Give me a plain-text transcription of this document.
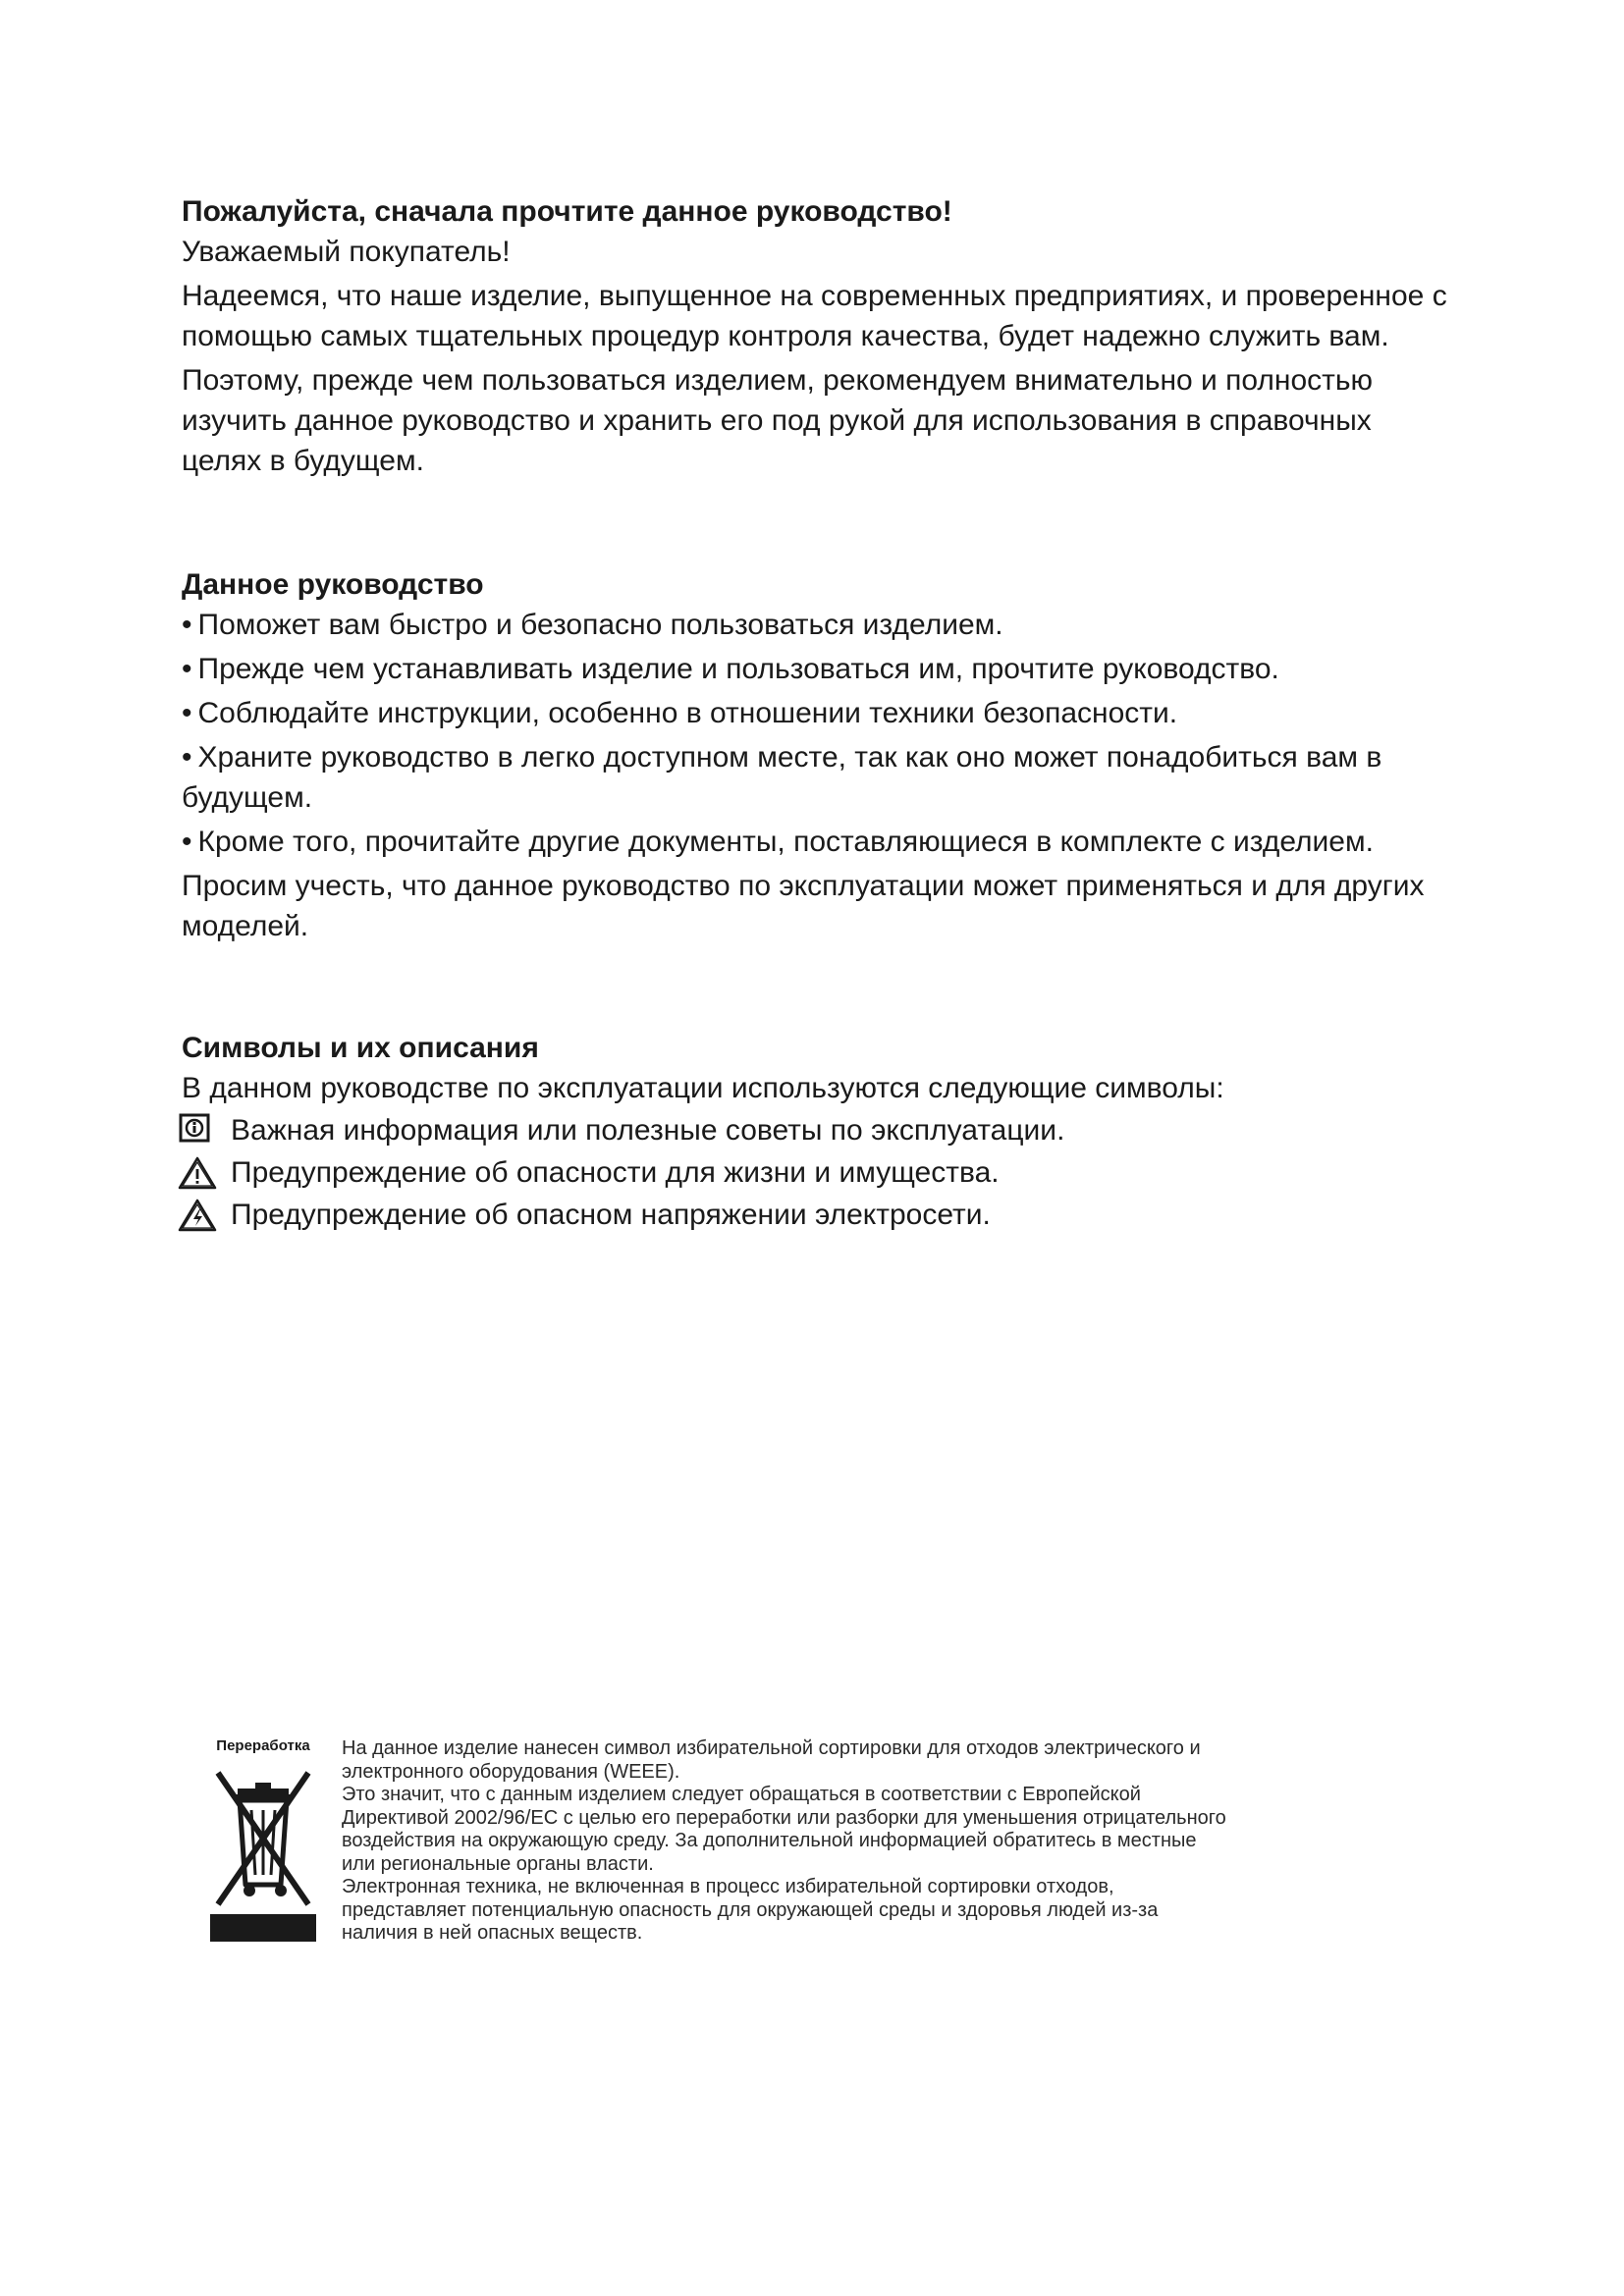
Пожалуйста, сначала прочтите данное руководство!

Уважаемый покупатель!

Надеемся, что наше изделие, выпущенное на современных предприятиях, и проверенное с помощью самых тщательных процедур контроля качества, будет надежно служить вам.

Поэтому, прежде чем пользоваться изделием, рекомендуем внимательно и полностью изучить данное руководство и хранить его под рукой для использования в справочных целях в будущем.

Данное руководство

• Поможет вам быстро и безопасно пользоваться изделием.

• Прежде чем устанавливать изделие и пользоваться им, прочтите руководство.

• Соблюдайте инструкции, особенно в отношении техники безопасности.

• Храните руководство в легко доступном месте, так как оно может понадобиться вам в будущем.

• Кроме того, прочитайте другие документы, поставляющиеся в комплекте с изделием.

Просим учесть, что данное руководство по эксплуатации может применяться и для других моделей.

Символы и их описания

В данном руководстве по эксплуатации используются следующие символы:

Важная информация или полезные советы по эксплуатации.
Предупреждение об опасности для жизни и имущества.
Предупреждение об опасном напряжении электросети.

Переработка	На данное изделие нанесен символ избирательной сортировки для отходов электрического и

электронного оборудования (WEEE).

Это значит, что с данным изделием следует обращаться в соответствии с Европейской

Директивой 2002/96/EC с целью его переработки или разборки для уменьшения отрицательного

воздействия на окружающую среду. За дополнительной информацией обратитесь в местные

или региональные органы власти.

Электронная техника, не включенная в процесс избирательной сортировки отходов,

представляет потенциальную опасность для окружающей среды и здоровья людей из-за

наличия в ней опасных веществ.
